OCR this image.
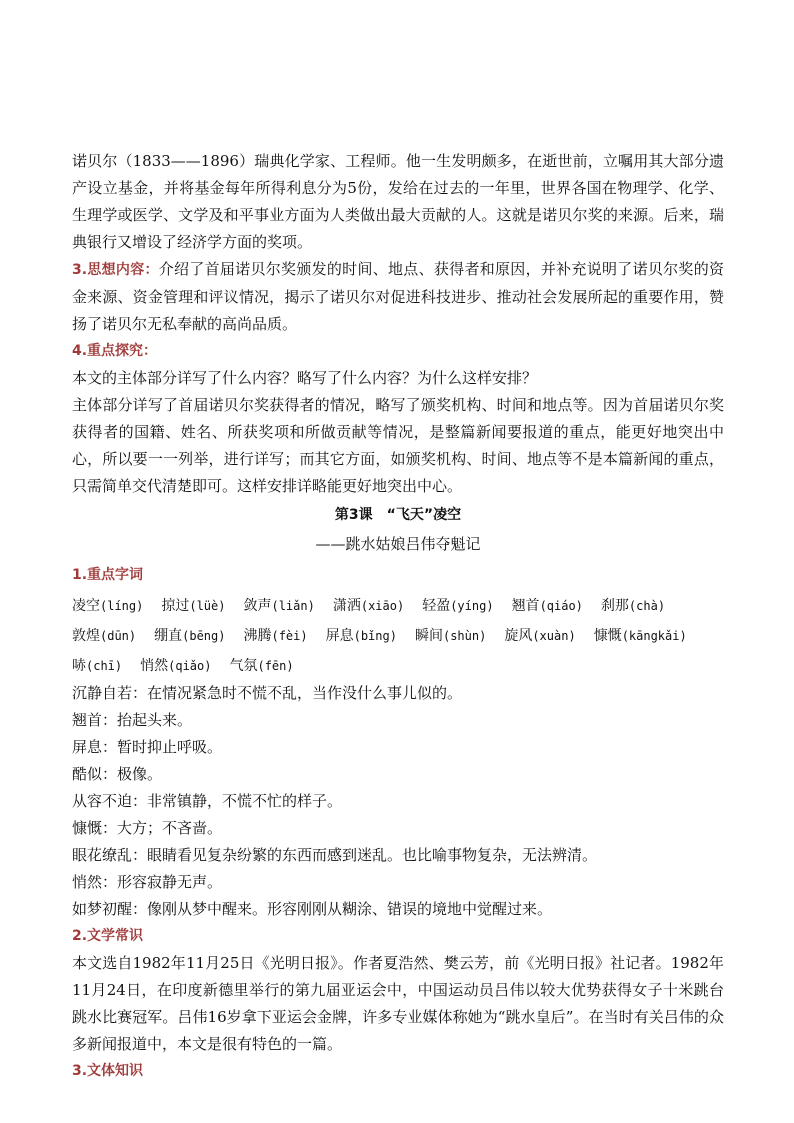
诺贝尔（1833——1896）瑞典化学家、工程师。他一生发明颇多，在逝世前，立嘱用其大部分遗产设立基金，并将基金每年所得利息分为5份，发给在过去的一年里，世界各国在物理学、化学、生理学或医学、文学及和平事业方面为人类做出最大贡献的人。这就是诺贝尔奖的来源。后来，瑞典银行又增设了经济学方面的奖项。

3.思想内容：介绍了首届诺贝尔奖颁发的时间、地点、获得者和原因，并补充说明了诺贝尔奖的资金来源、资金管理和评议情况，揭示了诺贝尔对促进科技进步、推动社会发展所起的重要作用，赞扬了诺贝尔无私奉献的高尚品质。

4.重点探究：

本文的主体部分详写了什么内容？略写了什么内容？为什么这样安排？

主体部分详写了首届诺贝尔奖获得者的情况，略写了颁奖机构、时间和地点等。因为首届诺贝尔奖获得者的国籍、姓名、所获奖项和所做贡献等情况，是整篇新闻要报道的重点，能更好地突出中心，所以要一一列举，进行详写；而其它方面，如颁奖机构、时间、地点等不是本篇新闻的重点，只需简单交代清楚即可。这样安排详略能更好地突出中心。

第3课　“飞天”凌空

——跳水姑娘吕伟夺魁记

1.重点字词

凌空(líng) 掠过(lüè) 敛声(liǎn) 潇洒(xiāo) 轻盈(yíng) 翘首(qiáo) 刹那(chà)
敦煌(dūn) 绷直(bēng) 沸腾(fèi) 屏息(bǐng) 瞬间(shùn) 旋风(xuàn) 慷慨(kāngkǎi)
哧(chī) 悄然(qiǎo) 气氛(fēn)

沉静自若：在情况紧急时不慌不乱，当作没什么事儿似的。

翘首：抬起头来。

屏息：暂时抑止呼吸。

酷似：极像。

从容不迫：非常镇静，不慌不忙的样子。

慷慨：大方；不吝啬。

眼花缭乱：眼睛看见复杂纷繁的东西而感到迷乱。也比喻事物复杂，无法辨清。

悄然：形容寂静无声。

如梦初醒：像刚从梦中醒来。形容刚刚从糊涂、错误的境地中觉醒过来。

2.文学常识

本文选自1982年11月25日《光明日报》。作者夏浩然、樊云芳，前《光明日报》社记者。1982年11月24日，在印度新德里举行的第九届亚运会中，中国运动员吕伟以较大优势获得女子十米跳台跳水比赛冠军。吕伟16岁拿下亚运会金牌，许多专业媒体称她为“跳水皇后”。在当时有关吕伟的众多新闻报道中，本文是很有特色的一篇。

3.文体知识
